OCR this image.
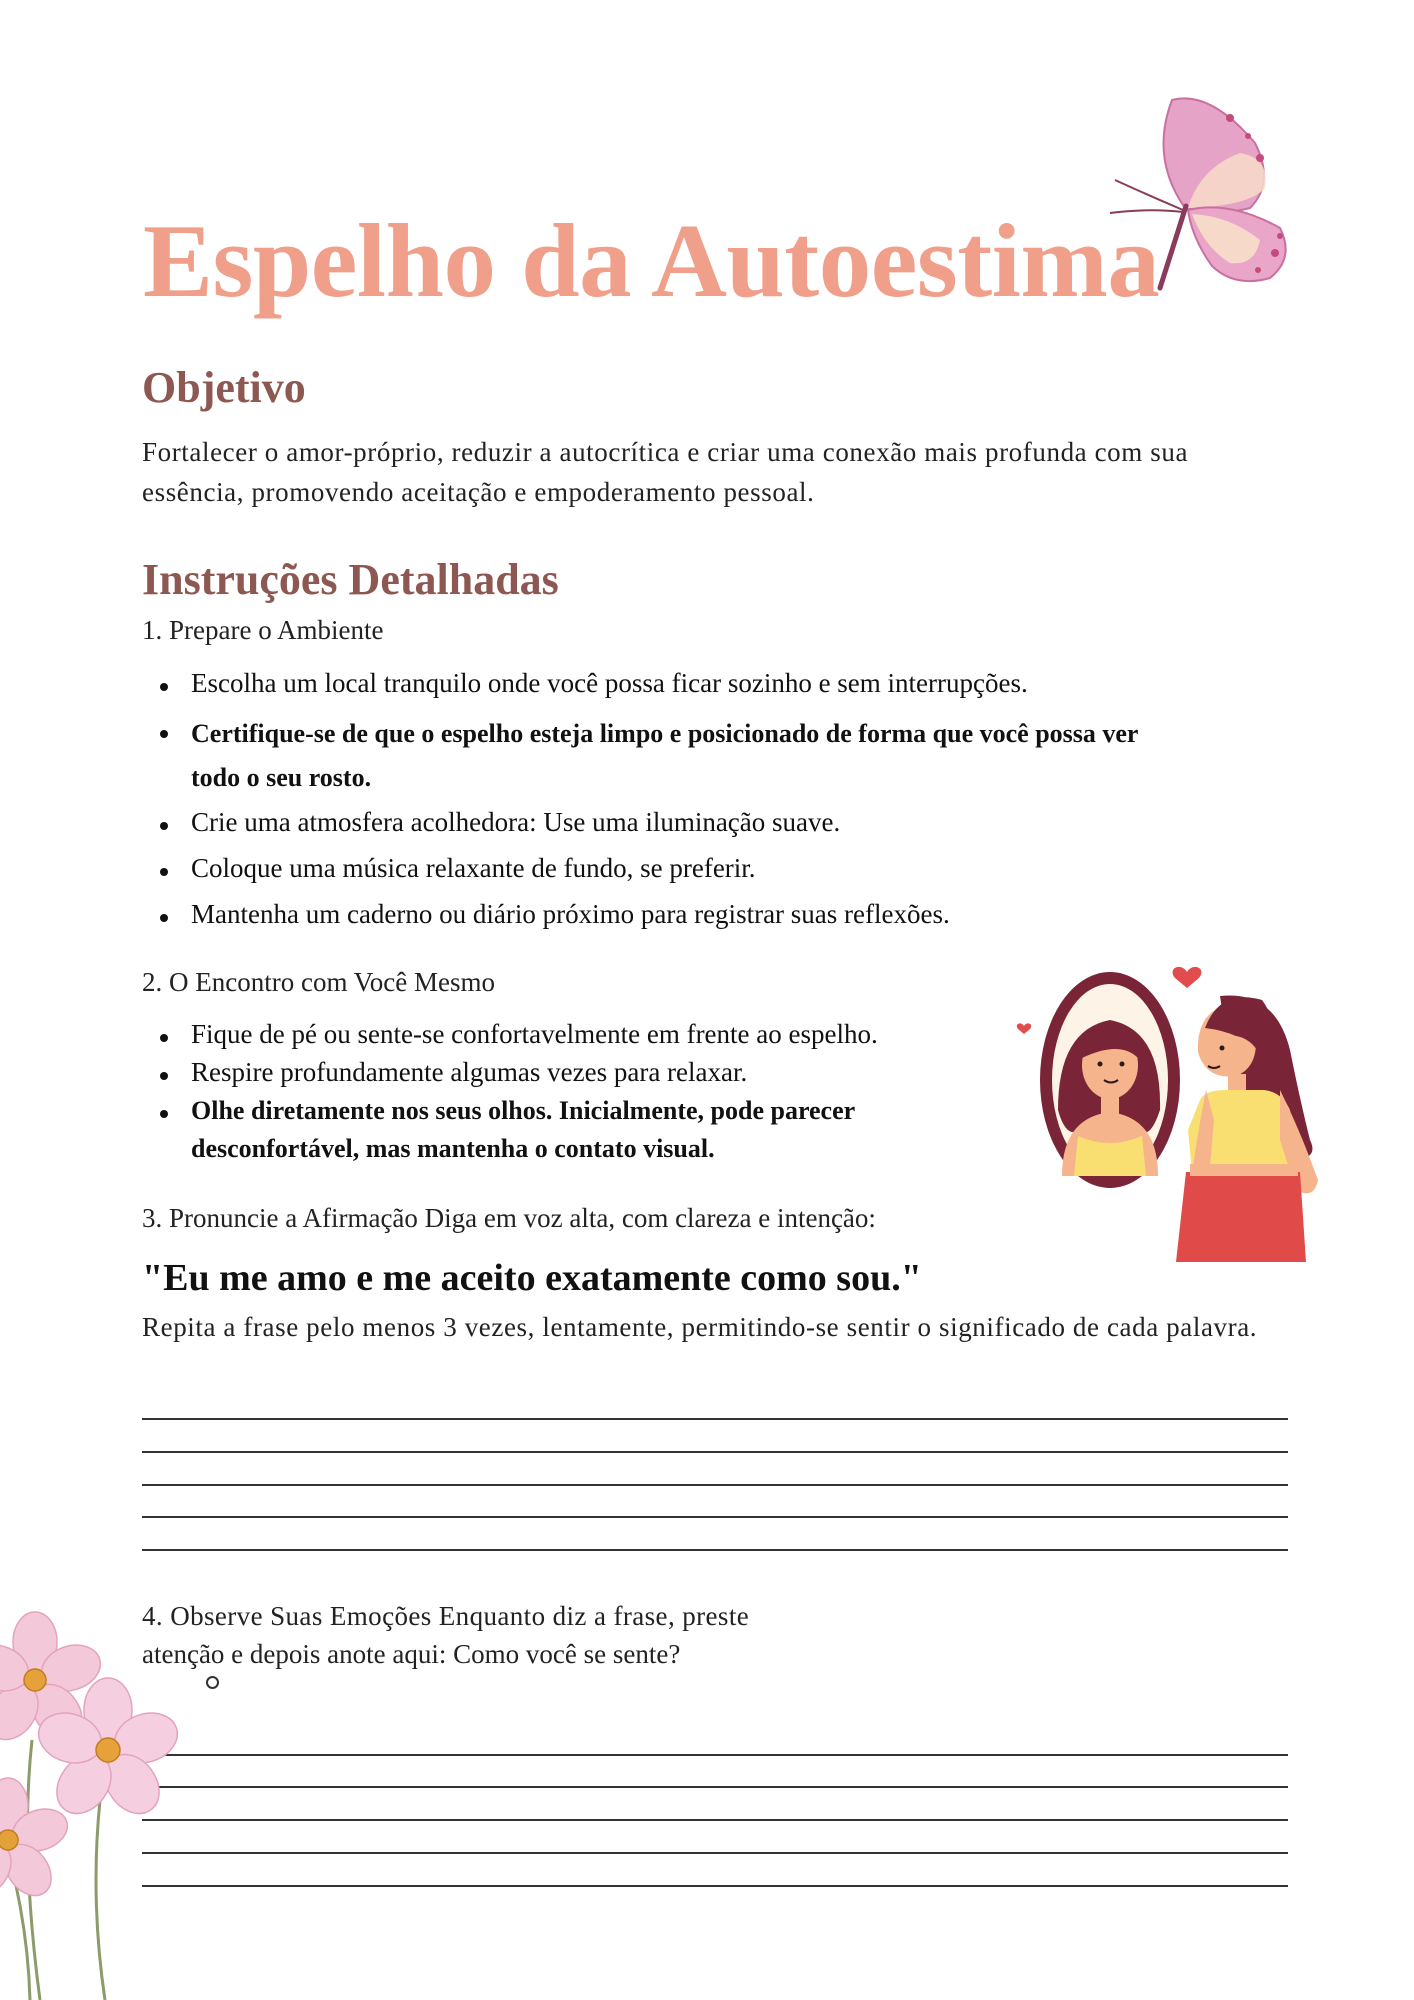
Espelho da Autoestima
Objetivo

Fortalecer o amor-próprio, reduzir a autocrítica e criar uma conexão mais profunda com sua essência, promovendo aceitação e empoderamento pessoal.

Instruções Detalhadas

1. Prepare o Ambiente

Escolha um local tranquilo onde você possa ficar sozinho e sem interrupções.
Certifique-se de que o espelho esteja limpo e posicionado de forma que você possa ver todo o seu rosto.
Crie uma atmosfera acolhedora: Use uma iluminação suave.
Coloque uma música relaxante de fundo, se preferir.
Mantenha um caderno ou diário próximo para registrar suas reflexões.

2. O Encontro com Você Mesmo

Fique de pé ou sente-se confortavelmente em frente ao espelho.
Respire profundamente algumas vezes para relaxar.
Olhe diretamente nos seus olhos. Inicialmente, pode parecer desconfortável, mas mantenha o contato visual.

3. Pronuncie a Afirmação Diga em voz alta, com clareza e intenção:

"Eu me amo e me aceito exatamente como sou."

Repita a frase pelo menos 3 vezes, lentamente, permitindo-se sentir o significado de cada palavra.

4. Observe Suas Emoções Enquanto diz a frase, preste

atenção e depois anote aqui: Como você se sente?
